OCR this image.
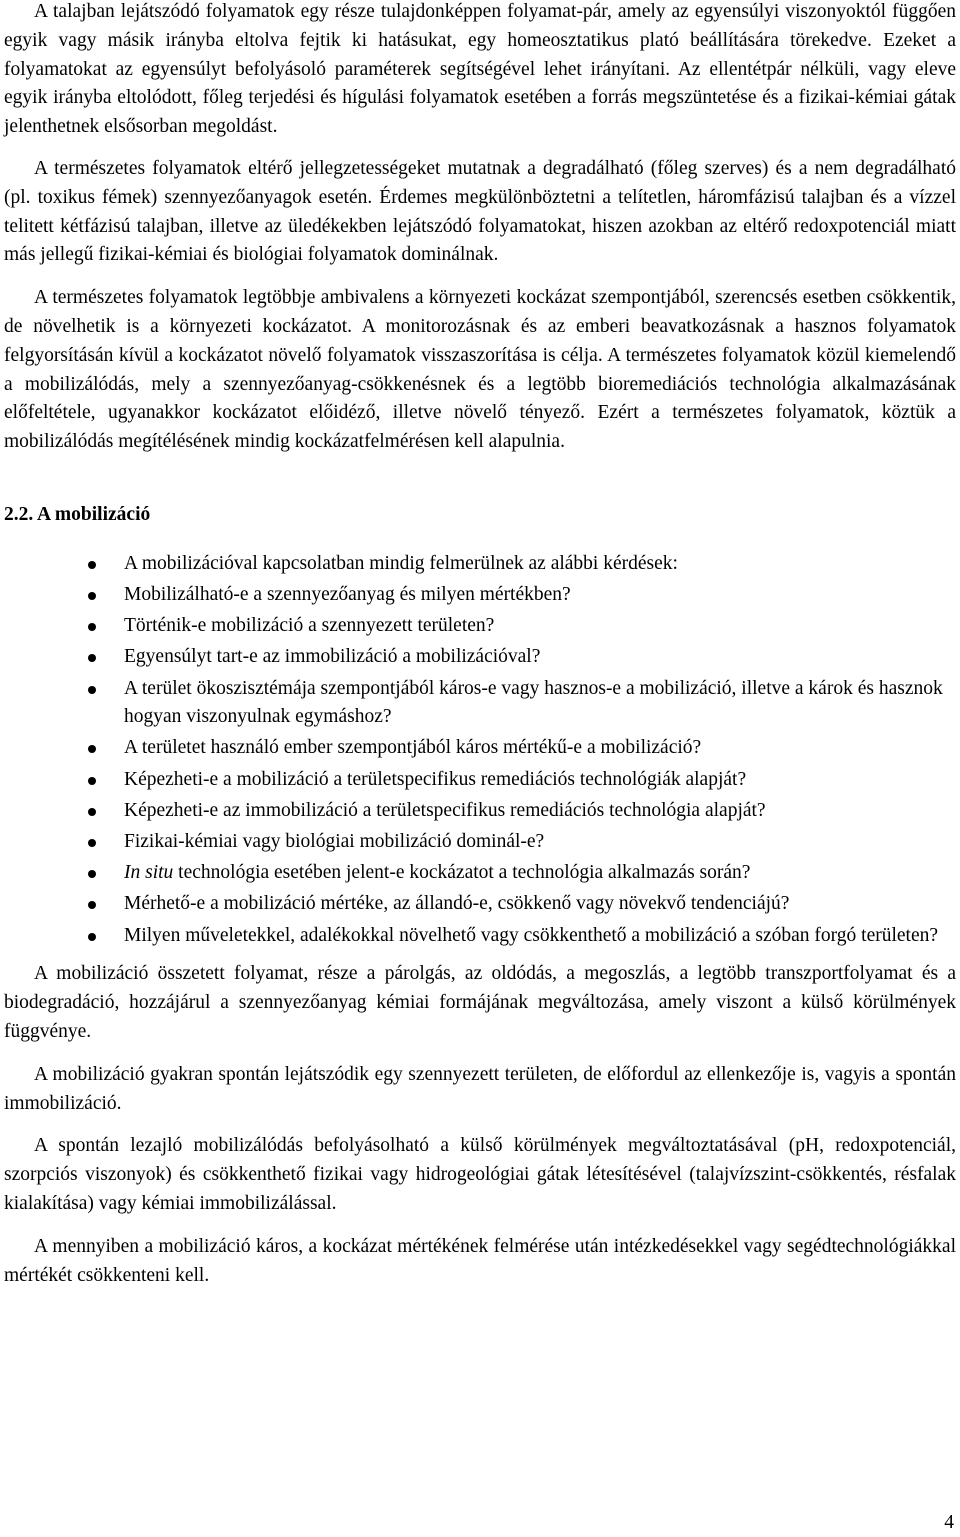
A talajban lejátszódó folyamatok egy része tulajdonképpen folyamat-pár, amely az egyensúlyi viszonyoktól függően egyik vagy másik irányba eltolva fejtik ki hatásukat, egy homeosztatikus plató beállítására törekedve. Ezeket a folyamatokat az egyensúlyt befolyásoló paraméterek segítségével lehet irányítani. Az ellentétpár nélküli, vagy eleve egyik irányba eltolódott, főleg terjedési és hígulási folyamatok esetében a forrás megszüntetése és a fizikai-kémiai gátak jelenthetnek elsősorban megoldást.

A természetes folyamatok eltérő jellegzetességeket mutatnak a degradálható (főleg szerves) és a nem degradálható (pl. toxikus fémek) szennyezőanyagok esetén. Érdemes megkülönböztetni a telítetlen, háromfázisú talajban és a vízzel telitett kétfázisú talajban, illetve az üledékekben lejátszódó folyamatokat, hiszen azokban az eltérő redoxpotenciál miatt más jellegű fizikai-kémiai és biológiai folyamatok dominálnak.

A természetes folyamatok legtöbbje ambivalens a környezeti kockázat szempontjából, szerencsés esetben csökkentik, de növelhetik is a környezeti kockázatot. A monitorozásnak és az emberi beavatkozásnak a hasznos folyamatok felgyorsításán kívül a kockázatot növelő folyamatok visszaszorítása is célja. A természetes folyamatok közül kiemelendő a mobilizálódás, mely a szennyezőanyag-csökkenésnek és a legtöbb bioremediációs technológia alkalmazásának előfeltétele, ugyanakkor kockázatot előidéző, illetve növelő tényező. Ezért a természetes folyamatok, köztük a mobilizálódás megítélésének mindig kockázatfelmérésen kell alapulnia.

2.2. A mobilizáció
A mobilizációval kapcsolatban mindig felmerülnek az alábbi kérdések:
Mobilizálható-e a szennyezőanyag és milyen mértékben?
Történik-e mobilizáció a szennyezett területen?
Egyensúlyt tart-e az immobilizáció a mobilizációval?
A terület ökoszisztémája szempontjából káros-e vagy hasznos-e a mobilizáció, illetve a károk és hasznok hogyan viszonyulnak egymáshoz?
A területet használó ember szempontjából káros mértékű-e a mobilizáció?
Képezheti-e a mobilizáció a területspecifikus remediációs technológiák alapját?
Képezheti-e az immobilizáció a területspecifikus remediációs technológia alapját?
Fizikai-kémiai vagy biológiai mobilizáció dominál-e?
In situ technológia esetében jelent-e kockázatot a technológia alkalmazás során?
Mérhető-e a mobilizáció mértéke, az állandó-e, csökkenő vagy növekvő tendenciájú?
Milyen műveletekkel, adalékokkal növelhető vagy csökkenthető a mobilizáció a szóban forgó területen?

A mobilizáció összetett folyamat, része a párolgás, az oldódás, a megoszlás, a legtöbb transzportfolyamat és a biodegradáció, hozzájárul a szennyezőanyag kémiai formájának megváltozása, amely viszont a külső körülmények függvénye.

A mobilizáció gyakran spontán lejátszódik egy szennyezett területen, de előfordul az ellenkezője is, vagyis a spontán immobilizáció.

A spontán lezajló mobilizálódás befolyásolható a külső körülmények megváltoztatásával (pH, redoxpotenciál, szorpciós viszonyok) és csökkenthető fizikai vagy hidrogeológiai gátak létesítésével (talajvízszint-csökkentés, résfalak kialakítása) vagy kémiai immobilizálással.

A mennyiben a mobilizáció káros, a kockázat mértékének felmérése után intézkedésekkel vagy segédtechnológiákkal mértékét csökkenteni kell.

4
